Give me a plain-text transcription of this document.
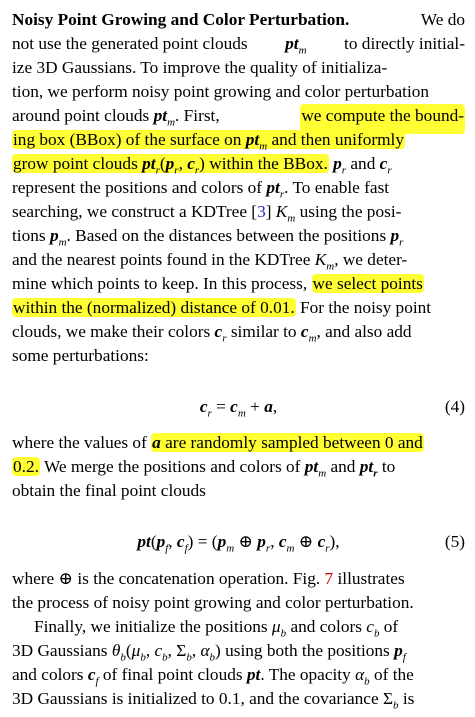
Noisy Point Growing and Color Perturbation.	We do
not use the generated point clouds $pt_m$ to directly initial-
ize 3D Gaussians. To improve the quality of initializa-
tion, we perform noisy point growing and color perturbation
around point clouds $pt_m$. First,	we compute the bound-
ing box (BBox) of the surface on $pt_m$ and then uniformly
grow point clouds $pt_r(p_r$, $c_r$) within the BBox. $p_r$ and $c_r$
represent the positions and colors of $pt_r$. To enable fast
searching, we construct a KDTree [3] $K_m$ using the posi-
tions $p_m$. Based on the distances between the positions $p_r$
and the nearest points found in the KDTree $K_m$, we deter-
mine which points to keep. In this process, we select points
within the (normalized) distance of 0.01. For the noisy point
clouds, we make their colors $c_r$ similar to $c_m$, and also add
some perturbations:
$c_r = c_m + a$,	(4)
where the values of a are randomly sampled between 0 and
0.2. We merge the positions and colors of $pt_m$ and $pt_r$ to
obtain the final point clouds
$pt(p_f$, $c_f) = (p_m$ ⊕ $p_r$, $c_m$ ⊕ $c_r$),	(5)
where ⊕ is the concatenation operation. Fig. 7 illustrates
the process of noisy point growing and color perturbation.
Finally, we initialize the positions $\mu_b$ and colors $c_b$ of
3D Gaussians $\theta_b(\mu_b$, $c_b$, $\Sigma_b$, $\alpha_b$) using both the positions $p_f$
and colors $c_f$ of final point clouds pt. The opacity $\alpha_b$ of the
3D Gaussians is initialized to 0.1, and the covariance $\Sigma_b$ is
